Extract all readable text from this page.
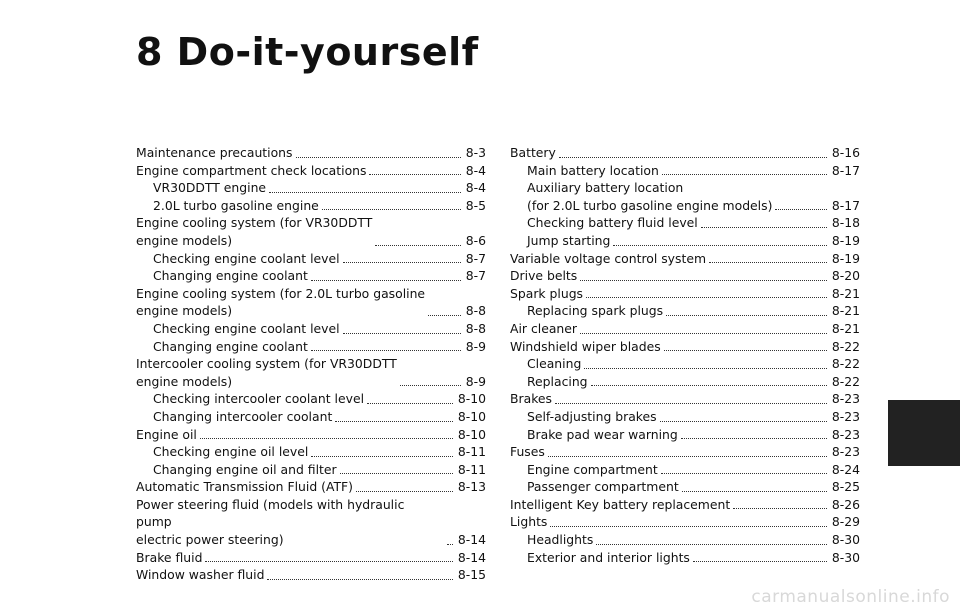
8 Do-it-yourself
Maintenance precautions	8-3
Engine compartment check locations	8-4
VR30DDTT engine	8-4
2.0L turbo gasoline engine	8-5
Engine cooling system (for VR30DDTT
engine models)	8-6
Checking engine coolant level	8-7
Changing engine coolant	8-7
Engine cooling system (for 2.0L turbo gasoline
engine models)	8-8
Checking engine coolant level	8-8
Changing engine coolant	8-9
Intercooler cooling system (for VR30DDTT
engine models)	8-9
Checking intercooler coolant level	8-10
Changing intercooler coolant	8-10
Engine oil	8-10
Checking engine oil level	8-11
Changing engine oil and filter	8-11
Automatic Transmission Fluid (ATF)	8-13
Power steering fluid (models with hydraulic pump
electric power steering)	8-14
Brake fluid	8-14
Window washer fluid	8-15
Battery	8-16
Main battery location	8-17
Auxiliary battery location
(for 2.0L turbo gasoline engine models)	8-17
Checking battery fluid level	8-18
Jump starting	8-19
Variable voltage control system	8-19
Drive belts	8-20
Spark plugs	8-21
Replacing spark plugs	8-21
Air cleaner	8-21
Windshield wiper blades	8-22
Cleaning	8-22
Replacing	8-22
Brakes	8-23
Self-adjusting brakes	8-23
Brake pad wear warning	8-23
Fuses	8-23
Engine compartment	8-24
Passenger compartment	8-25
Intelligent Key battery replacement	8-26
Lights	8-29
Headlights	8-30
Exterior and interior lights	8-30
carmanualsonline.info
